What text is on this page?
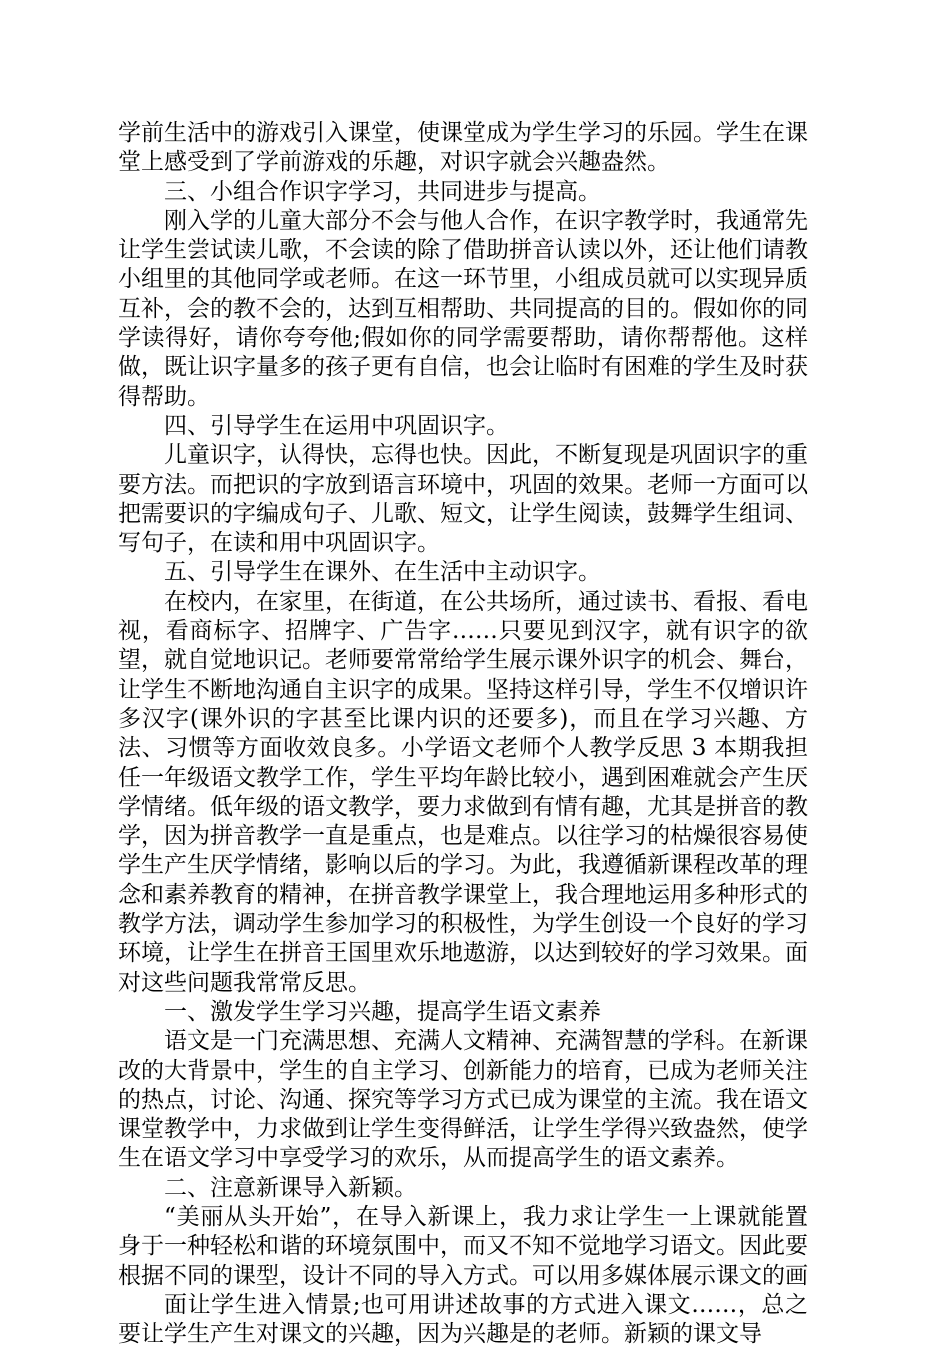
学前生活中的游戏引入课堂，使课堂成为学生学习的乐园。学生在课堂上感受到了学前游戏的乐趣，对识字就会兴趣盎然。

三、小组合作识字学习，共同进步与提高。

刚入学的儿童大部分不会与他人合作，在识字教学时，我通常先让学生尝试读儿歌，不会读的除了借助拼音认读以外，还让他们请教小组里的其他同学或老师。在这一环节里，小组成员就可以实现异质互补，会的教不会的，达到互相帮助、共同提高的目的。假如你的同学读得好，请你夸夸他;假如你的同学需要帮助，请你帮帮他。这样做，既让识字量多的孩子更有自信，也会让临时有困难的学生及时获得帮助。

四、引导学生在运用中巩固识字。

儿童识字，认得快，忘得也快。因此，不断复现是巩固识字的重要方法。而把识的字放到语言环境中，巩固的效果。老师一方面可以把需要识的字编成句子、儿歌、短文，让学生阅读，鼓舞学生组词、写句子，在读和用中巩固识字。

五、引导学生在课外、在生活中主动识字。

在校内，在家里，在街道，在公共场所，通过读书、看报、看电视，看商标字、招牌字、广告字……只要见到汉字，就有识字的欲望，就自觉地识记。老师要常常给学生展示课外识字的机会、舞台，让学生不断地沟通自主识字的成果。坚持这样引导，学生不仅增识许多汉字(课外识的字甚至比课内识的还要多)，而且在学习兴趣、方法、习惯等方面收效良多。小学语文老师个人教学反思 3 本期我担任一年级语文教学工作，学生平均年龄比较小，遇到困难就会产生厌学情绪。低年级的语文教学，要力求做到有情有趣，尤其是拼音的教学，因为拼音教学一直是重点，也是难点。以往学习的枯燥很容易使学生产生厌学情绪，影响以后的学习。为此，我遵循新课程改革的理念和素养教育的精神，在拼音教学课堂上，我合理地运用多种形式的教学方法，调动学生参加学习的积极性，为学生创设一个良好的学习环境，让学生在拼音王国里欢乐地遨游，以达到较好的学习效果。面对这些问题我常常反思。

一、激发学生学习兴趣，提高学生语文素养

语文是一门充满思想、充满人文精神、充满智慧的学科。在新课改的大背景中，学生的自主学习、创新能力的培育，已成为老师关注的热点，讨论、沟通、探究等学习方式已成为课堂的主流。我在语文课堂教学中，力求做到让学生变得鲜活，让学生学得兴致盎然，使学生在语文学习中享受学习的欢乐，从而提高学生的语文素养。

二、注意新课导入新颖。

“美丽从头开始”，在导入新课上，我力求让学生一上课就能置身于一种轻松和谐的环境氛围中，而又不知不觉地学习语文。因此要根据不同的课型，设计不同的导入方式。可以用多媒体展示课文的画

面让学生进入情景;也可用讲述故事的方式进入课文……，总之要让学生产生对课文的兴趣，因为兴趣是的老师。新颖的课文导
